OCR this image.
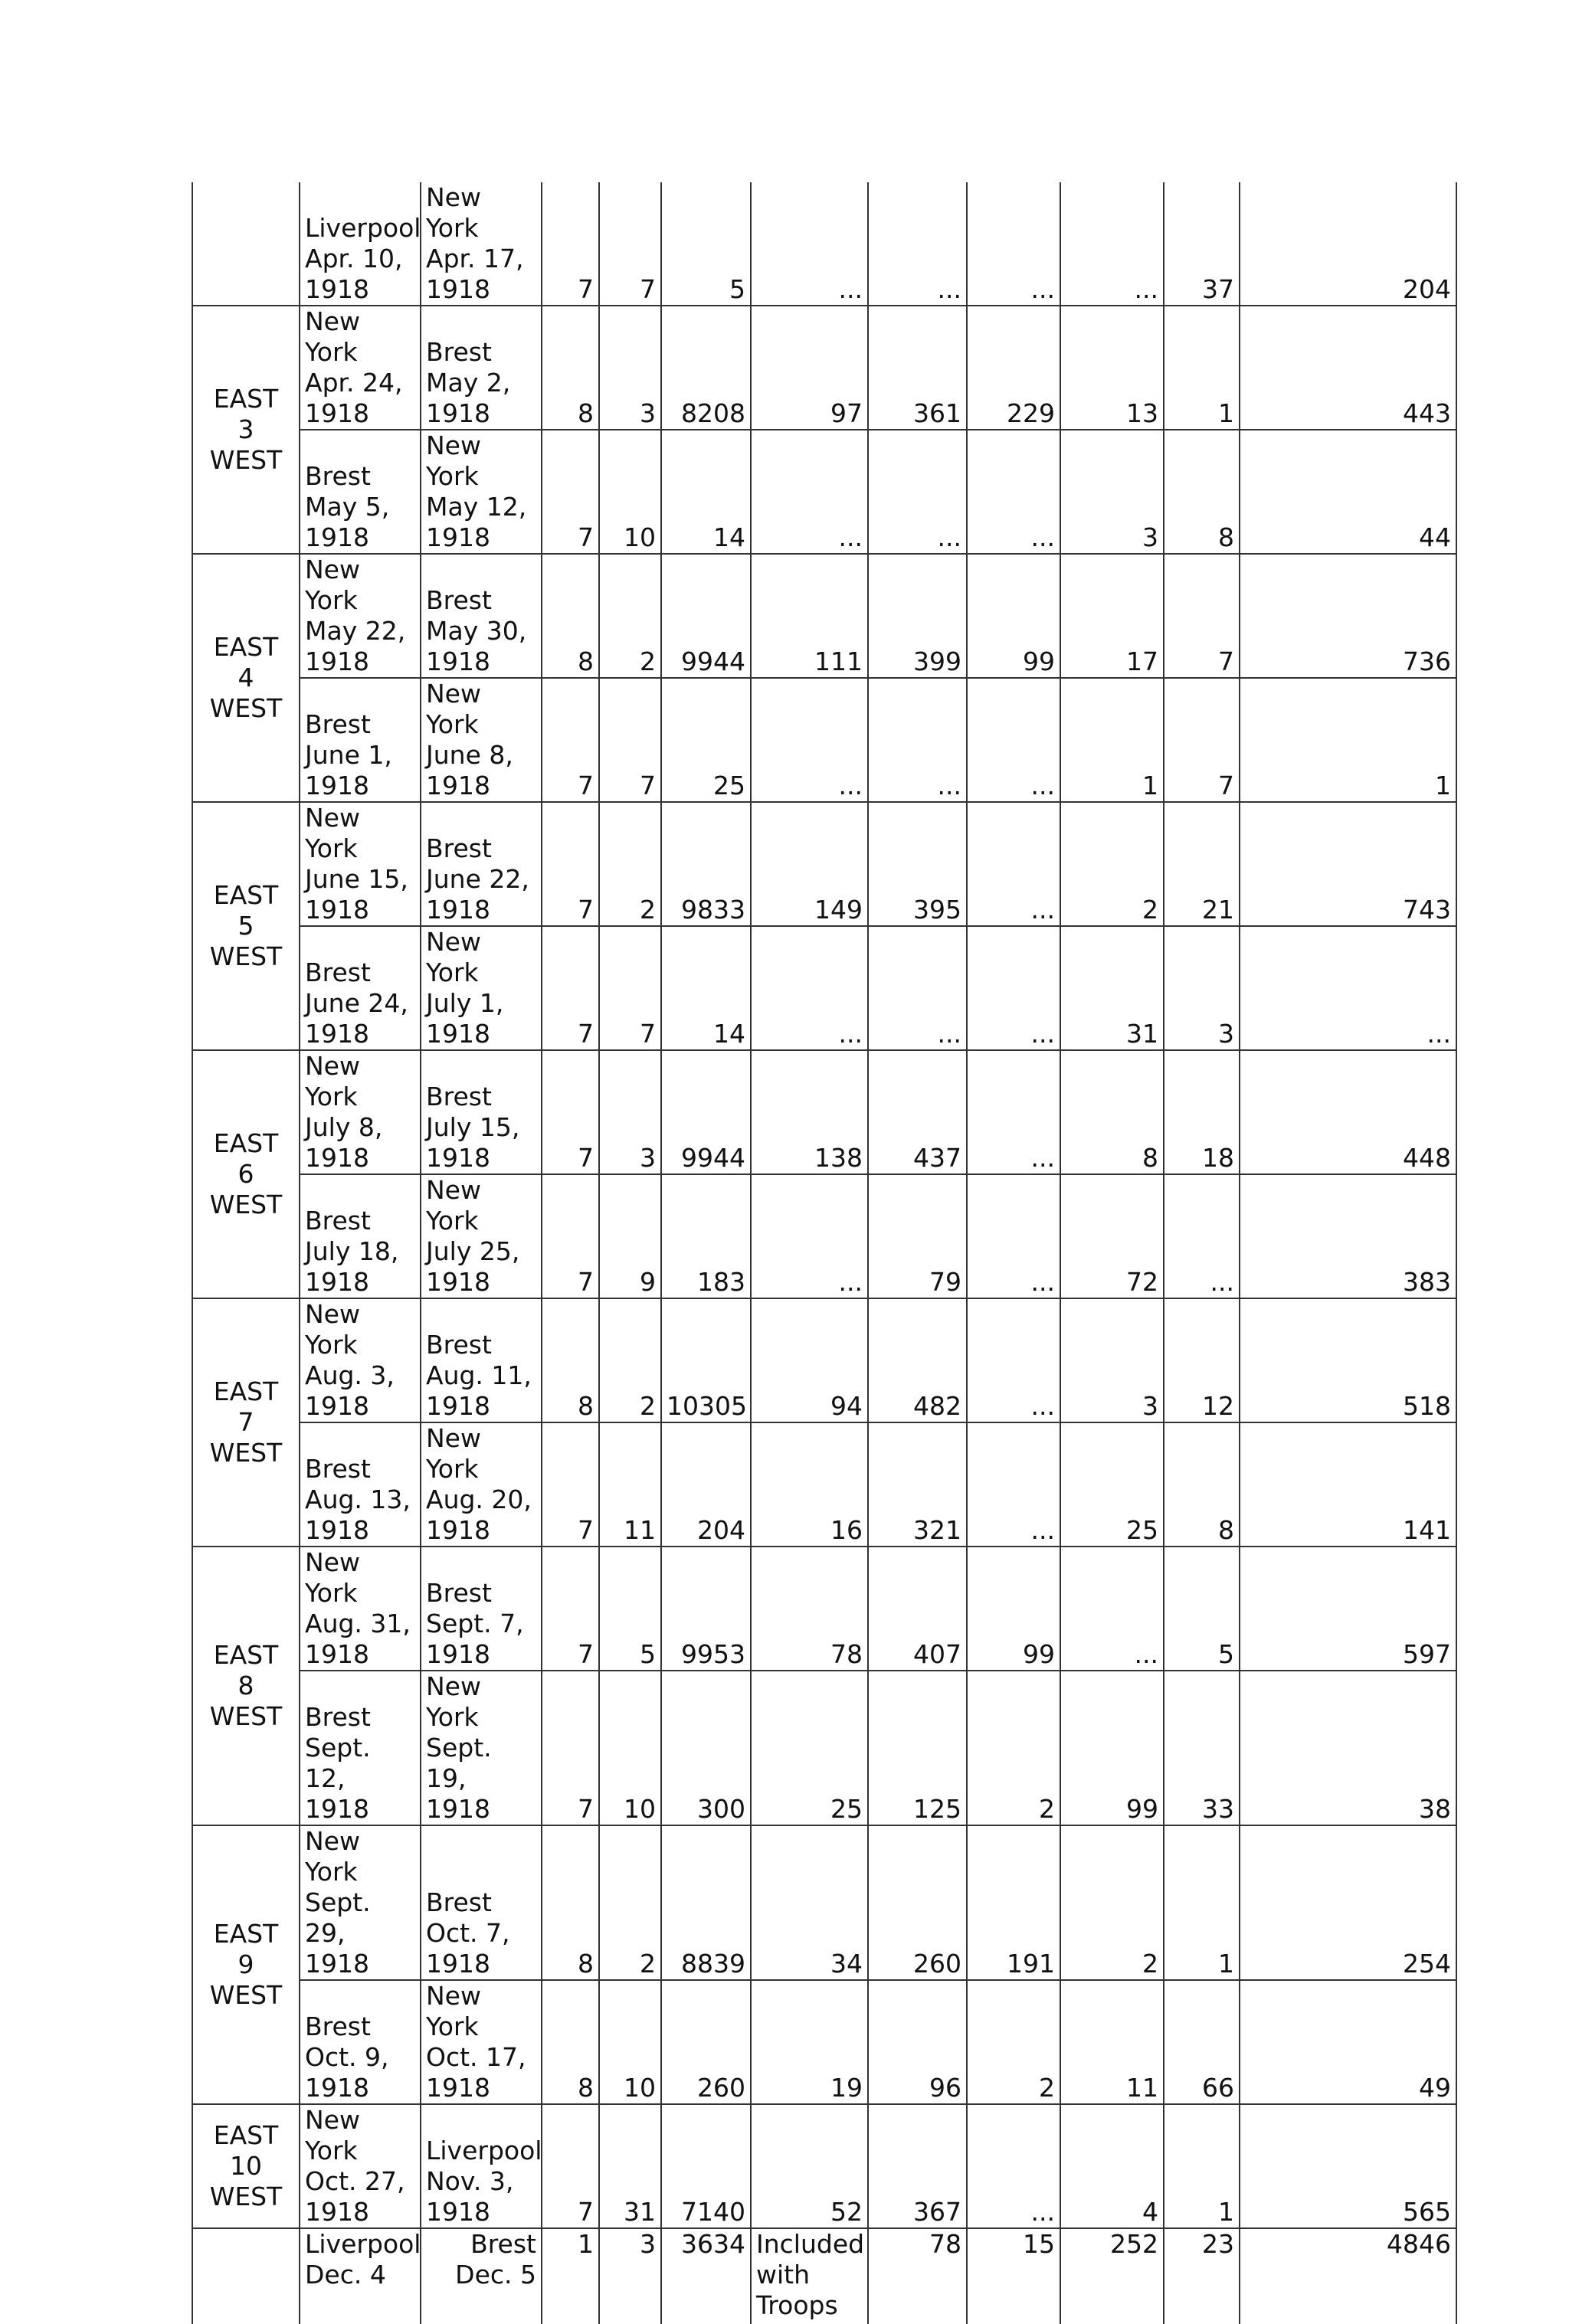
	Liverpool
Apr. 10,
1918	New York
Apr. 17,
1918	7	7	5	...	...	...	...	37	204
EAST
3
WEST	New York
Apr. 24,
1918	Brest
May 2,
1918	8	3	8208	97	361	229	13	1	443
	Brest
May 5,
1918	New York
May 12,
1918	7	10	14	...	...	...	3	8	44
EAST
4
WEST	New York
May 22,
1918	Brest
May 30,
1918	8	2	9944	111	399	99	17	7	736
	Brest
June 1,
1918	New York
June 8,
1918	7	7	25	...	...	...	1	7	1
EAST
5
WEST	New York
June 15,
1918	Brest
June 22,
1918	7	2	9833	149	395	...	2	21	743
	Brest
June 24,
1918	New York
July 1,
1918	7	7	14	...	...	...	31	3	...
EAST
6
WEST	New York
July 8,
1918	Brest
July 15,
1918	7	3	9944	138	437	...	8	18	448
	Brest
July 18,
1918	New York
July 25,
1918	7	9	183	...	79	...	72	...	383
EAST
7
WEST	New York
Aug. 3,
1918	Brest
Aug. 11,
1918	8	2	10305	94	482	...	3	12	518
	Brest
Aug. 13,
1918	New York
Aug. 20,
1918	7	11	204	16	321	...	25	8	141
EAST
8
WEST	New York
Aug. 31,
1918	Brest
Sept. 7,
1918	7	5	9953	78	407	99	...	5	597
	Brest
Sept. 12,
1918	New York
Sept. 19,
1918	7	10	300	25	125	2	99	33	38
EAST
9
WEST	New York
Sept. 29,
1918	Brest
Oct. 7,
1918	8	2	8839	34	260	191	2	1	254
	Brest
Oct. 9,
1918	New York
Oct. 17,
1918	8	10	260	19	96	2	11	66	49
EAST
10
WEST	New York
Oct. 27,
1918	Liverpool
Nov. 3,
1918	7	31	7140	52	367	...	4	1	565
	Liverpool
Dec. 4	Brest
Dec. 5	1	3	3634	Included
with
Troops	78	15	252	23	4846
